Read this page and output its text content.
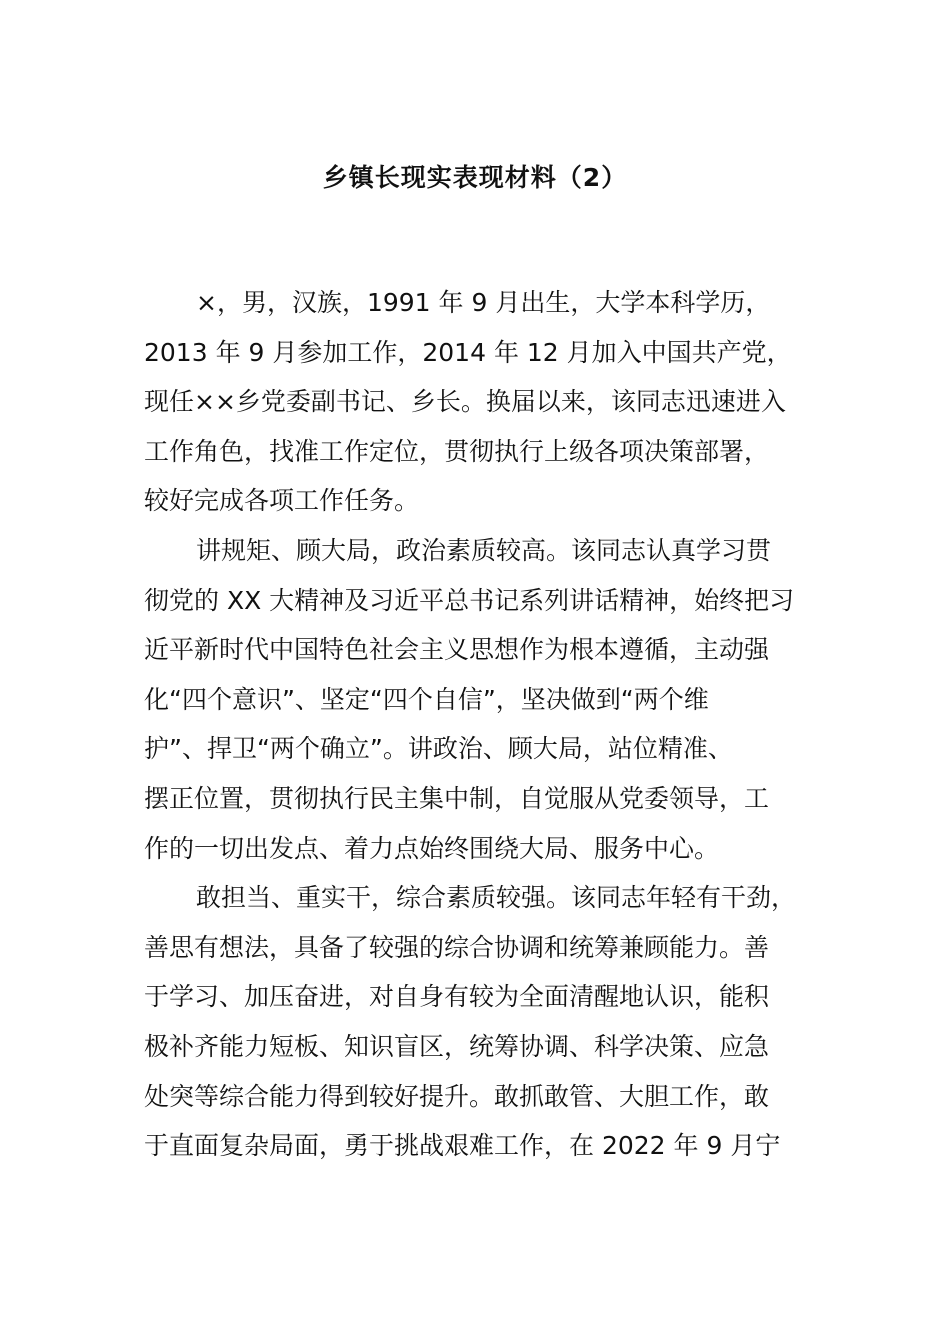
乡镇长现实表现材料（2）
×，男，汉族，1991 年 9 月出生，大学本科学历，
2013 年 9 月参加工作，2014 年 12 月加入中国共产党，
现任××乡党委副书记、乡长。换届以来，该同志迅速进入
工作角色，找准工作定位，贯彻执行上级各项决策部署，
较好完成各项工作任务。
讲规矩、顾大局，政治素质较高。该同志认真学习贯
彻党的 XX 大精神及习近平总书记系列讲话精神，始终把习
近平新时代中国特色社会主义思想作为根本遵循，主动强
化“四个意识”、坚定“四个自信”，坚决做到“两个维
护”、捍卫“两个确立”。讲政治、顾大局，站位精准、
摆正位置，贯彻执行民主集中制，自觉服从党委领导，工
作的一切出发点、着力点始终围绕大局、服务中心。
敢担当、重实干，综合素质较强。该同志年轻有干劲，
善思有想法，具备了较强的综合协调和统筹兼顾能力。善
于学习、加压奋进，对自身有较为全面清醒地认识，能积
极补齐能力短板、知识盲区，统筹协调、科学决策、应急
处突等综合能力得到较好提升。敢抓敢管、大胆工作，敢
于直面复杂局面，勇于挑战艰难工作，在 2022 年 9 月宁
